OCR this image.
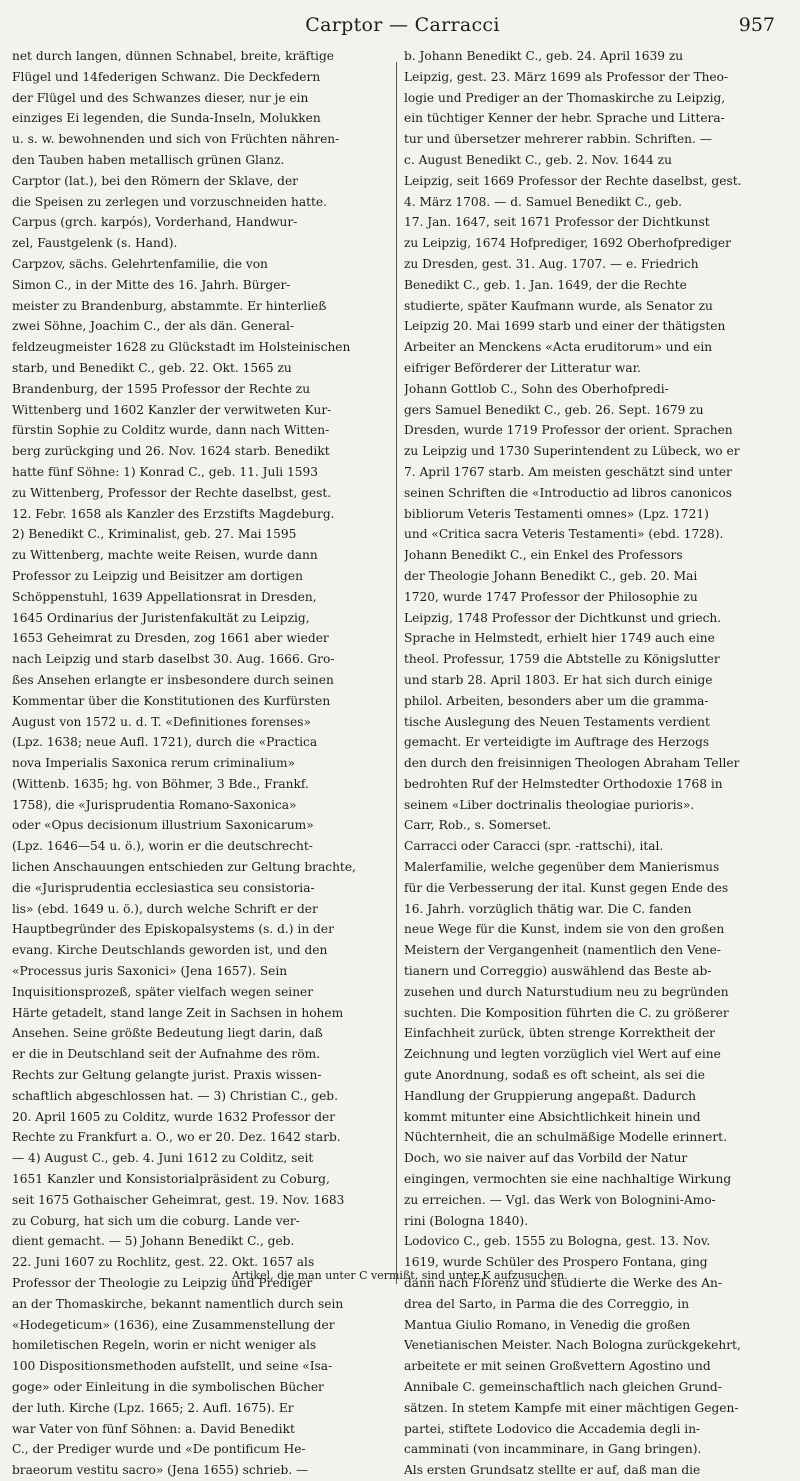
Carptor — Carracci	957
net durch langen, dünnen Schnabel, breite, kräftige
Flügel und 14federigen Schwanz. Die Deckfedern
der Flügel und des Schwanzes dieser, nur je ein
einziges Ei legenden, die Sunda-Inseln, Molukken
u. s. w. bewohnenden und sich von Früchten nähren-
den Tauben haben metallisch grünen Glanz.
Carptor (lat.), bei den Römern der Sklave, der
die Speisen zu zerlegen und vorzuschneiden hatte.
Carpus (grch. karpós), Vorderhand, Handwur-
zel, Faustgelenk (s. Hand).
Carpzov, sächs. Gelehrtenfamilie, die von
Simon C., in der Mitte des 16. Jahrh. Bürger-
meister zu Brandenburg, abstammte. Er hinterließ
zwei Söhne, Joachim C., der als dän. General-
feldzeugmeister 1628 zu Glückstadt im Holsteinischen
starb, und Benedikt C., geb. 22. Okt. 1565 zu
Brandenburg, der 1595 Professor der Rechte zu
Wittenberg und 1602 Kanzler der verwitweten Kur-
fürstin Sophie zu Colditz wurde, dann nach Witten-
berg zurückging und 26. Nov. 1624 starb. Benedikt
hatte fünf Söhne: 1) Konrad C., geb. 11. Juli 1593
zu Wittenberg, Professor der Rechte daselbst, gest.
12. Febr. 1658 als Kanzler des Erzstifts Magdeburg.
2) Benedikt C., Kriminalist, geb. 27. Mai 1595
zu Wittenberg, machte weite Reisen, wurde dann
Professor zu Leipzig und Beisitzer am dortigen
Schöppenstuhl, 1639 Appellationsrat in Dresden,
1645 Ordinarius der Juristenfakultät zu Leipzig,
1653 Geheimrat zu Dresden, zog 1661 aber wieder
nach Leipzig und starb daselbst 30. Aug. 1666. Gro-
ßes Ansehen erlangte er insbesondere durch seinen
Kommentar über die Konstitutionen des Kurfürsten
August von 1572 u. d. T. «Definitiones forenses»
(Lpz. 1638; neue Aufl. 1721), durch die «Practica
nova Imperialis Saxonica rerum criminalium»
(Wittenb. 1635; hg. von Böhmer, 3 Bde., Frankf.
1758), die «Jurisprudentia Romano-Saxonica»
oder «Opus decisionum illustrium Saxonicarum»
(Lpz. 1646—54 u. ö.), worin er die deutschrecht-
lichen Anschauungen entschieden zur Geltung brachte,
die «Jurisprudentia ecclesiastica seu consistoria-
lis» (ebd. 1649 u. ö.), durch welche Schrift er der
Hauptbegründer des Episkopalsystems (s. d.) in der
evang. Kirche Deutschlands geworden ist, und den
«Processus juris Saxonici» (Jena 1657). Sein
Inquisitionsprozeß, später vielfach wegen seiner
Härte getadelt, stand lange Zeit in Sachsen in hohem
Ansehen. Seine größte Bedeutung liegt darin, daß
er die in Deutschland seit der Aufnahme des röm.
Rechts zur Geltung gelangte jurist. Praxis wissen-
schaftlich abgeschlossen hat. — 3) Christian C., geb.
20. April 1605 zu Colditz, wurde 1632 Professor der
Rechte zu Frankfurt a. O., wo er 20. Dez. 1642 starb.
— 4) August C., geb. 4. Juni 1612 zu Colditz, seit
1651 Kanzler und Konsistorialpräsident zu Coburg,
seit 1675 Gothaischer Geheimrat, gest. 19. Nov. 1683
zu Coburg, hat sich um die coburg. Lande ver-
dient gemacht. — 5) Johann Benedikt C., geb.
22. Juni 1607 zu Rochlitz, gest. 22. Okt. 1657 als
Professor der Theologie zu Leipzig und Prediger
an der Thomaskirche, bekannt namentlich durch sein
«Hodegeticum» (1636), eine Zusammenstellung der
homiletischen Regeln, worin er nicht weniger als
100 Dispositionsmethoden aufstellt, und seine «Isa-
goge» oder Einleitung in die symbolischen Bücher
der luth. Kirche (Lpz. 1665; 2. Aufl. 1675). Er
war Vater von fünf Söhnen: a. David Benedikt
C., der Prediger wurde und «De pontificum He-
braeorum vestitu sacro» (Jena 1655) schrieb. —
b. Johann Benedikt C., geb. 24. April 1639 zu
Leipzig, gest. 23. März 1699 als Professor der Theo-
logie und Prediger an der Thomaskirche zu Leipzig,
ein tüchtiger Kenner der hebr. Sprache und Littera-
tur und übersetzer mehrerer rabbin. Schriften. —
c. August Benedikt C., geb. 2. Nov. 1644 zu
Leipzig, seit 1669 Professor der Rechte daselbst, gest.
4. März 1708. — d. Samuel Benedikt C., geb.
17. Jan. 1647, seit 1671 Professor der Dichtkunst
zu Leipzig, 1674 Hofprediger, 1692 Oberhofprediger
zu Dresden, gest. 31. Aug. 1707. — e. Friedrich
Benedikt C., geb. 1. Jan. 1649, der die Rechte
studierte, später Kaufmann wurde, als Senator zu
Leipzig 20. Mai 1699 starb und einer der thätigsten
Arbeiter an Menckens «Acta eruditorum» und ein
eifriger Beförderer der Litteratur war.
Johann Gottlob C., Sohn des Oberhofpredi-
gers Samuel Benedikt C., geb. 26. Sept. 1679 zu
Dresden, wurde 1719 Professor der orient. Sprachen
zu Leipzig und 1730 Superintendent zu Lübeck, wo er
7. April 1767 starb. Am meisten geschätzt sind unter
seinen Schriften die «Introductio ad libros canonicos
bibliorum Veteris Testamenti omnes» (Lpz. 1721)
und «Critica sacra Veteris Testamenti» (ebd. 1728).
Johann Benedikt C., ein Enkel des Professors
der Theologie Johann Benedikt C., geb. 20. Mai
1720, wurde 1747 Professor der Philosophie zu
Leipzig, 1748 Professor der Dichtkunst und griech.
Sprache in Helmstedt, erhielt hier 1749 auch eine
theol. Professur, 1759 die Abtstelle zu Königslutter
und starb 28. April 1803. Er hat sich durch einige
philol. Arbeiten, besonders aber um die gramma-
tische Auslegung des Neuen Testaments verdient
gemacht. Er verteidigte im Auftrage des Herzogs
den durch den freisinnigen Theologen Abraham Teller
bedrohten Ruf der Helmstedter Orthodoxie 1768 in
seinem «Liber doctrinalis theologiae purioris».
Carr, Rob., s. Somerset.
Carracci oder Caracci (spr. -rattschi), ital.
Malerfamilie, welche gegenüber dem Manierismus
für die Verbesserung der ital. Kunst gegen Ende des
16. Jahrh. vorzüglich thätig war. Die C. fanden
neue Wege für die Kunst, indem sie von den großen
Meistern der Vergangenheit (namentlich den Vene-
tianern und Correggio) auswählend das Beste ab-
zusehen und durch Naturstudium neu zu begründen
suchten. Die Komposition führten die C. zu größerer
Einfachheit zurück, übten strenge Korrektheit der
Zeichnung und legten vorzüglich viel Wert auf eine
gute Anordnung, sodaß es oft scheint, als sei die
Handlung der Gruppierung angepaßt. Dadurch
kommt mitunter eine Absichtlichkeit hinein und
Nüchternheit, die an schulmäßige Modelle erinnert.
Doch, wo sie naiver auf das Vorbild der Natur
eingingen, vermochten sie eine nachhaltige Wirkung
zu erreichen. — Vgl. das Werk von Bolognini-Amo-
rini (Bologna 1840).
Lodovico C., geb. 1555 zu Bologna, gest. 13. Nov.
1619, wurde Schüler des Prospero Fontana, ging
dann nach Florenz und studierte die Werke des An-
drea del Sarto, in Parma die des Correggio, in
Mantua Giulio Romano, in Venedig die großen
Venetianischen Meister. Nach Bologna zurückgekehrt,
arbeitete er mit seinen Großvettern Agostino und
Annibale C. gemeinschaftlich nach gleichen Grund-
sätzen. In stetem Kampfe mit einer mächtigen Gegen-
partei, stiftete Lodovico die Accademia degli in-
camminati (von incamminare, in Gang bringen).
Als ersten Grundsatz stellte er auf, daß man die
Artikel, die man unter C vermißt, sind unter K aufzusuchen.
